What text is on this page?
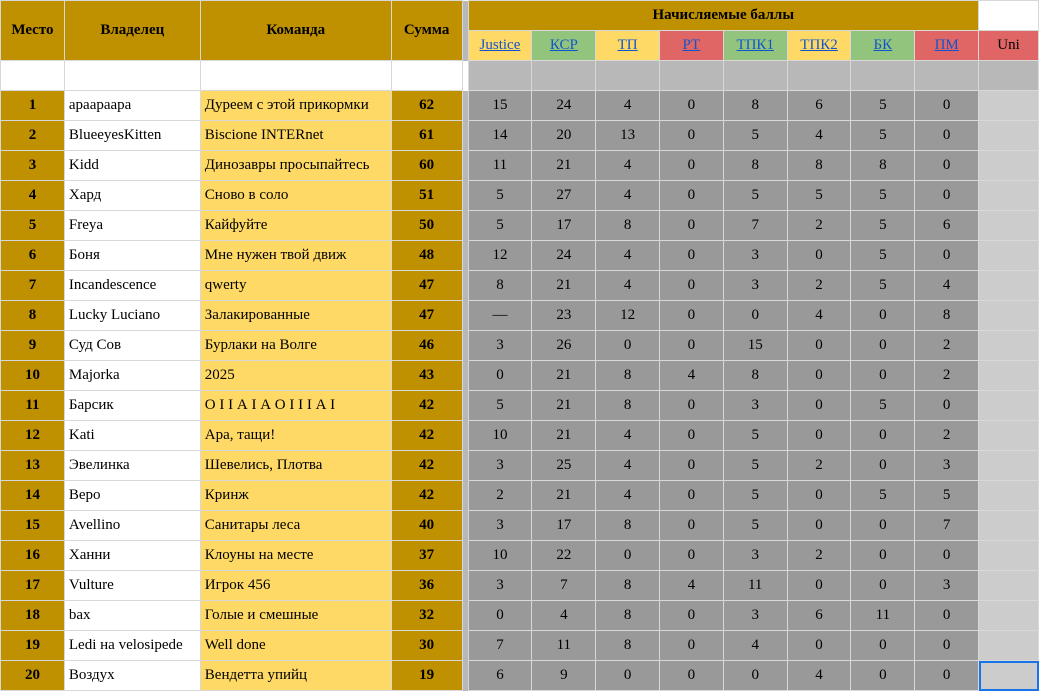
Место	Владелец	Команда	Сумма		Начисляемые баллы								
					Justice	КСР	ТП	РТ	ТПК1	ТПК2	БК	ПМ	Uni

1	арааpаара	Дуреем с этой прикормки	62		15	24	4	0	8	6	5	0	
2	BlueeyesKitten	Biscione INTERnet	61		14	20	13	0	5	4	5	0	
3	Kidd	Динозавры просыпайтесь	60		11	21	4	0	8	8	8	0	
4	Хард	Сново в соло	51		5	27	4	0	5	5	5	0	
5	Freya	Кайфуйте	50		5	17	8	0	7	2	5	6	
6	Боня	Мне нужен твой движ	48		12	24	4	0	3	0	5	0	
7	Incandescence	qwerty	47		8	21	4	0	3	2	5	4	
8	Lucky Luciano	Залакированные	47		—	23	12	0	0	4	0	8	
9	Суд Сов	Бурлаки на Волге	46		3	26	0	0	15	0	0	2	
10	Majorka	2025	43		0	21	8	4	8	0	0	2	
11	Барсик	О I I А I А О I I I А I	42		5	21	8	0	3	0	5	0	
12	Kati	Ара, тащи!	42		10	21	4	0	5	0	0	2	
13	Эвелинка	Шевелись, Плотва	42		3	25	4	0	5	2	0	3	
14	Веро	Кринж	42		2	21	4	0	5	0	5	5	
15	Avellino	Санитары леса	40		3	17	8	0	5	0	0	7	
16	Ханни	Клоуны на месте	37		10	22	0	0	3	2	0	0	
17	Vulture	Игрок 456	36		3	7	8	4	11	0	0	3	
18	bax	Голые и смешные	32		0	4	8	0	3	6	11	0	
19	Ledi на velosipede	Well done	30		7	11	8	0	4	0	0	0	
20	Воздух	Вендетта упийц	19		6	9	0	0	0	4	0	0	
